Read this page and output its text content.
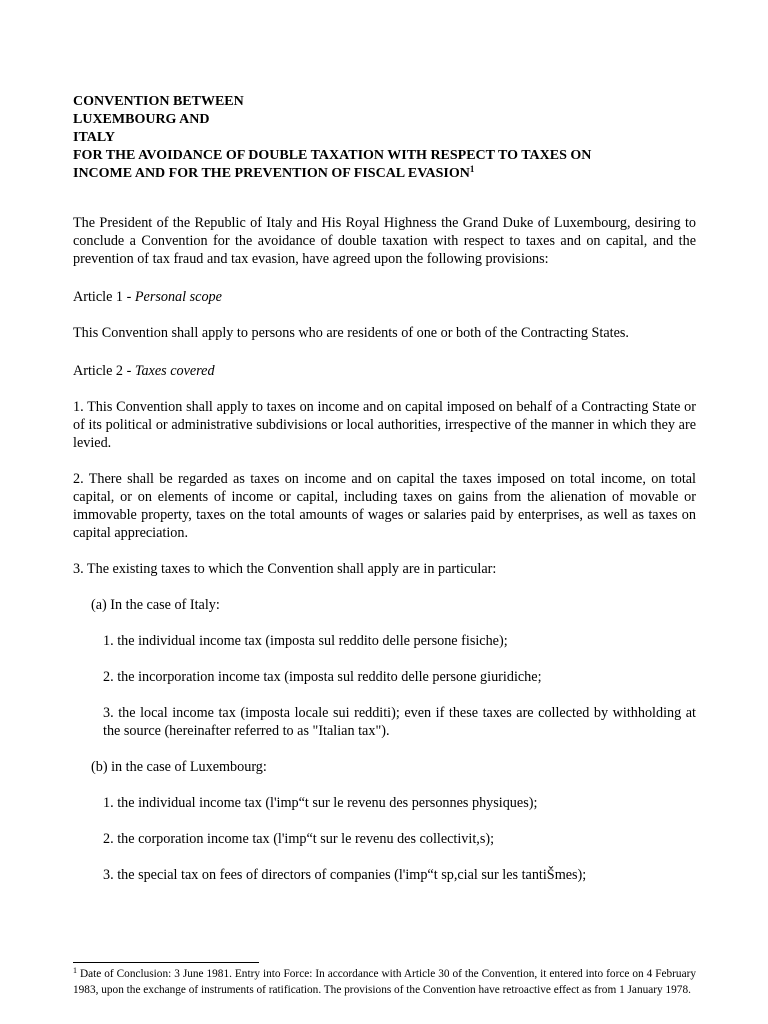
CONVENTION BETWEEN
LUXEMBOURG AND
ITALY
FOR THE AVOIDANCE OF DOUBLE TAXATION WITH RESPECT TO TAXES ON
INCOME AND FOR THE PREVENTION OF FISCAL EVASION$^1$

The President of the Republic of Italy and His Royal Highness the Grand Duke of Luxembourg, desiring to conclude a Convention for the avoidance of double taxation with respect to taxes and on capital, and the prevention of tax fraud and tax evasion, have agreed upon the following provisions:

Article 1 - Personal scope

This Convention shall apply to persons who are residents of one or both of the Contracting States.

Article 2 - Taxes covered

1. This Convention shall apply to taxes on income and on capital imposed on behalf of a Contracting State or of its political or administrative subdivisions or local authorities, irrespective of the manner in which they are levied.

2. There shall be regarded as taxes on income and on capital the taxes imposed on total income, on total capital, or on elements of income or capital, including taxes on gains from the alienation of movable or immovable property, taxes on the total amounts of wages or salaries paid by enterprises, as well as taxes on capital appreciation.

3. The existing taxes to which the Convention shall apply are in particular:

(a) In the case of Italy:

1. the individual income tax (imposta sul reddito delle persone fisiche);

2. the incorporation income tax (imposta sul reddito delle persone giuridiche;

3. the local income tax (imposta locale sui redditi); even if these taxes are collected by withholding at the source (hereinafter referred to as "Italian tax").

(b) in the case of Luxembourg:

1. the individual income tax (l'imp“t sur le revenu des personnes physiques);

2. the corporation income tax (l'imp“t sur le revenu des collectivit,s);

3. the special tax on fees of directors of companies (l'imp“t sp,cial sur les tantiŠmes);

$^1$ Date of Conclusion: 3 June 1981. Entry into Force: In accordance with Article 30 of the Convention, it entered into force on 4 February 1983, upon the exchange of instruments of ratification. The provisions of the Convention have retroactive effect as from 1 January 1978.
